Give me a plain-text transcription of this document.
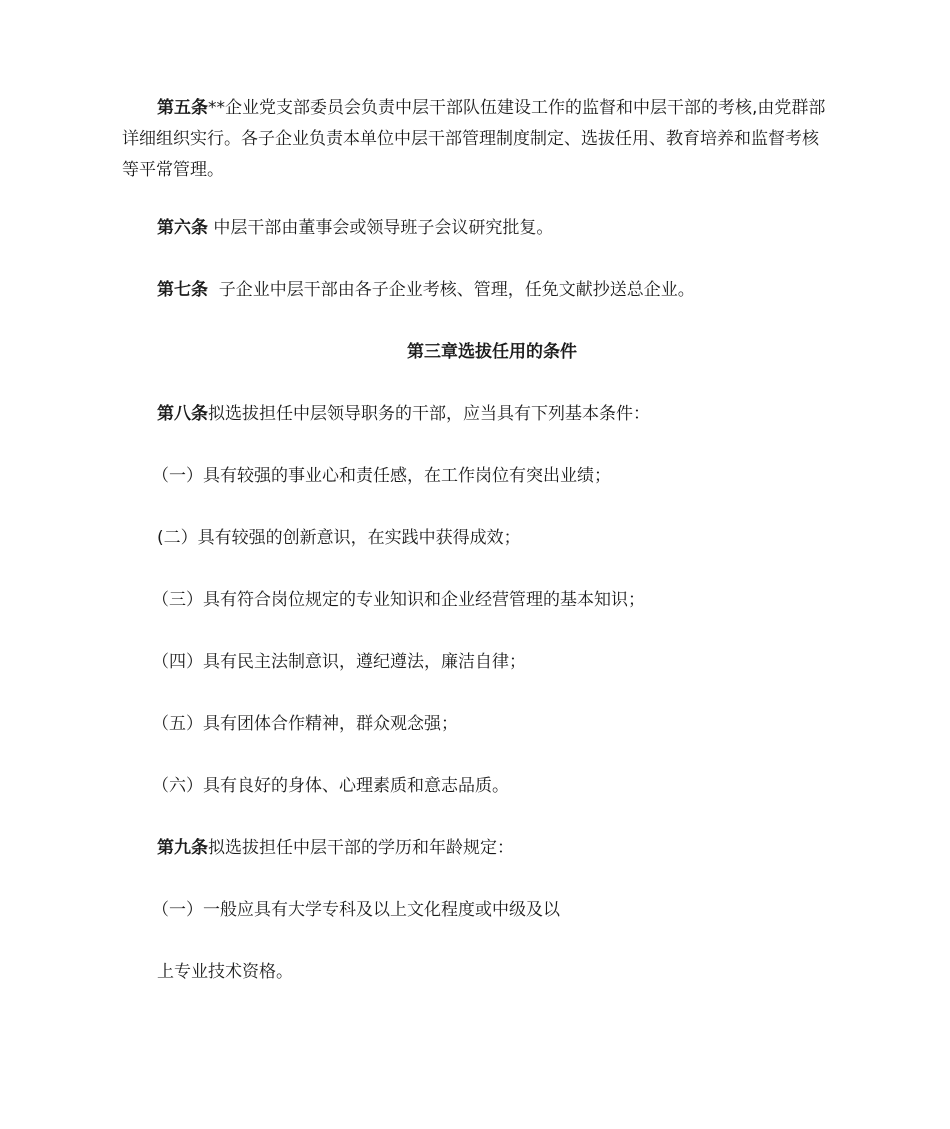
第五条**企业党支部委员会负责中层干部队伍建设工作的监督和中层干部的考核,由党群部详细组织实行。各子企业负责本单位中层干部管理制度制定、选拔任用、教育培养和监督考核等平常管理。

第六条 中层干部由董事会或领导班子会议研究批复。

第七条  子企业中层干部由各子企业考核、管理，任免文献抄送总企业。

第三章选拔任用的条件

第八条拟选拔担任中层领导职务的干部，应当具有下列基本条件：

（一）具有较强的事业心和责任感，在工作岗位有突出业绩；

(二）具有较强的创新意识，在实践中获得成效；

（三）具有符合岗位规定的专业知识和企业经营管理的基本知识；

（四）具有民主法制意识，遵纪遵法，廉洁自律；

（五）具有团体合作精神，群众观念强；

（六）具有良好的身体、心理素质和意志品质。

第九条拟选拔担任中层干部的学历和年龄规定：

（一）一般应具有大学专科及以上文化程度或中级及以

上专业技术资格。
